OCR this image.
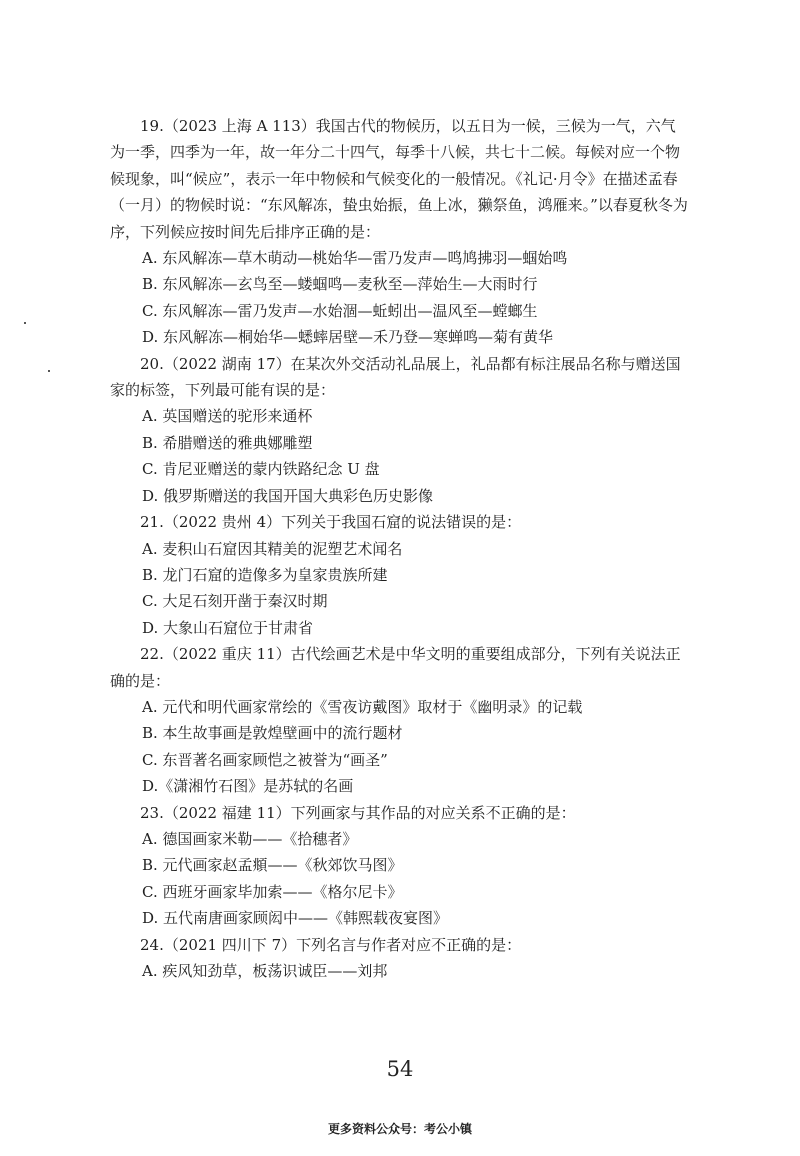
19.（2023 上海 A 113）我国古代的物候历，以五日为一候，三候为一气，六气为一季，四季为一年，故一年分二十四气，每季十八候，共七十二候。每候对应一个物候现象，叫“候应”，表示一年中物候和气候变化的一般情况。《礼记·月令》在描述孟春（一月）的物候时说：“东风解冻，蛰虫始振，鱼上冰，獭祭鱼，鸿雁来。”以春夏秋冬为序，下列候应按时间先后排序正确的是：

A. 东风解冻—草木萌动—桃始华—雷乃发声—鸣鸠拂羽—蝈始鸣

B. 东风解冻—玄鸟至—蝼蝈鸣—麦秋至—萍始生—大雨时行

C. 东风解冻—雷乃发声—水始涸—蚯蚓出—温风至—螳螂生

D. 东风解冻—桐始华—蟋蟀居壁—禾乃登—寒蝉鸣—菊有黄华

20.（2022 湖南 17）在某次外交活动礼品展上，礼品都有标注展品名称与赠送国家的标签，下列最可能有误的是：

A. 英国赠送的驼形来通杯

B. 希腊赠送的雅典娜雕塑

C. 肯尼亚赠送的蒙内铁路纪念 U 盘

D. 俄罗斯赠送的我国开国大典彩色历史影像

21.（2022 贵州 4）下列关于我国石窟的说法错误的是：

A. 麦积山石窟因其精美的泥塑艺术闻名

B. 龙门石窟的造像多为皇家贵族所建

C. 大足石刻开凿于秦汉时期

D. 大象山石窟位于甘肃省

22.（2022 重庆 11）古代绘画艺术是中华文明的重要组成部分，下列有关说法正确的是：

A. 元代和明代画家常绘的《雪夜访戴图》取材于《幽明录》的记载

B. 本生故事画是敦煌壁画中的流行题材

C. 东晋著名画家顾恺之被誉为“画圣”

D.《潇湘竹石图》是苏轼的名画

23.（2022 福建 11）下列画家与其作品的对应关系不正确的是：

A. 德国画家米勒——《拾穗者》

B. 元代画家赵孟頫——《秋郊饮马图》

C. 西班牙画家毕加索——《格尔尼卡》

D. 五代南唐画家顾闳中——《韩熙载夜宴图》

24.（2021 四川下 7）下列名言与作者对应不正确的是：

A. 疾风知劲草，板荡识诚臣——刘邦

54
更多资料公众号：考公小镇
